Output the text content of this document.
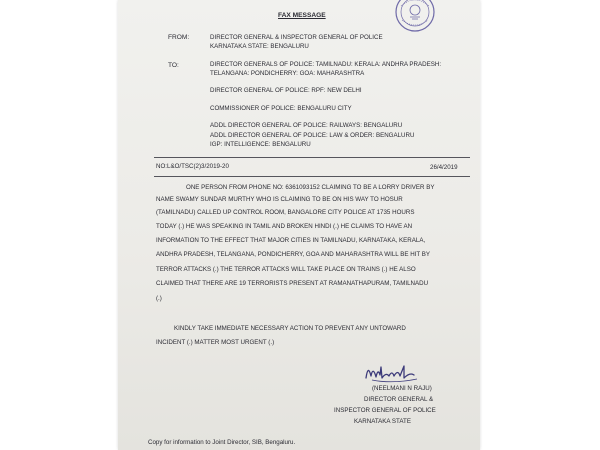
FAX MESSAGE
FROM:	DIRECTOR GENERAL & INSPECTOR GENERAL OF POLICE
KARNATAKA STATE: BENGALURU
TO:	DIRECTOR GENERALS OF POLICE: TAMILNADU: KERALA: ANDHRA PRADESH:
TELANGANA: PONDICHERRY: GOA: MAHARASHTRA
DIRECTOR GENERAL OF POLICE: RPF: NEW DELHI
COMMISSIONER OF POLICE: BENGALURU CITY
ADDL DIRECTOR GENERAL OF POLICE: RAILWAYS: BENGALURU
ADDL DIRECTOR GENERAL OF POLICE: LAW & ORDER: BENGALURU
IGP: INTELLIGENCE: BENGALURU
NO:L&O/TSC(2)3/2019-20	26/4/2019
ONE PERSON FROM PHONE NO: 6361093152 CLAIMING TO BE A LORRY DRIVER BY
NAME SWAMY SUNDAR MURTHY WHO IS CLAIMING TO BE ON HIS WAY TO HOSUR
(TAMILNADU) CALLED UP CONTROL ROOM, BANGALORE CITY POLICE AT 1735 HOURS
TODAY (.) HE WAS SPEAKING IN TAMIL AND BROKEN HINDI (.) HE CLAIMS TO HAVE AN
INFORMATION TO THE EFFECT THAT MAJOR CITIES IN TAMILNADU, KARNATAKA, KERALA,
ANDHRA PRADESH, TELANGANA, PONDICHERRY, GOA AND MAHARASHTRA WILL BE HIT BY
TERROR ATTACKS (.) THE TERROR ATTACKS WILL TAKE PLACE ON TRAINS (.) HE ALSO
CLAIMED THAT THERE ARE 19 TERRORISTS PRESENT AT RAMANATHAPURAM, TAMILNADU
(.)
KINDLY TAKE IMMEDIATE NECESSARY ACTION TO PREVENT ANY UNTOWARD
INCIDENT (.) MATTER MOST URGENT (.)
(NEELMANI N RAJU)
DIRECTOR GENERAL &
INSPECTOR GENERAL OF POLICE
KARNATAKA STATE
Copy for information to Joint Director, SIB, Bengaluru.
